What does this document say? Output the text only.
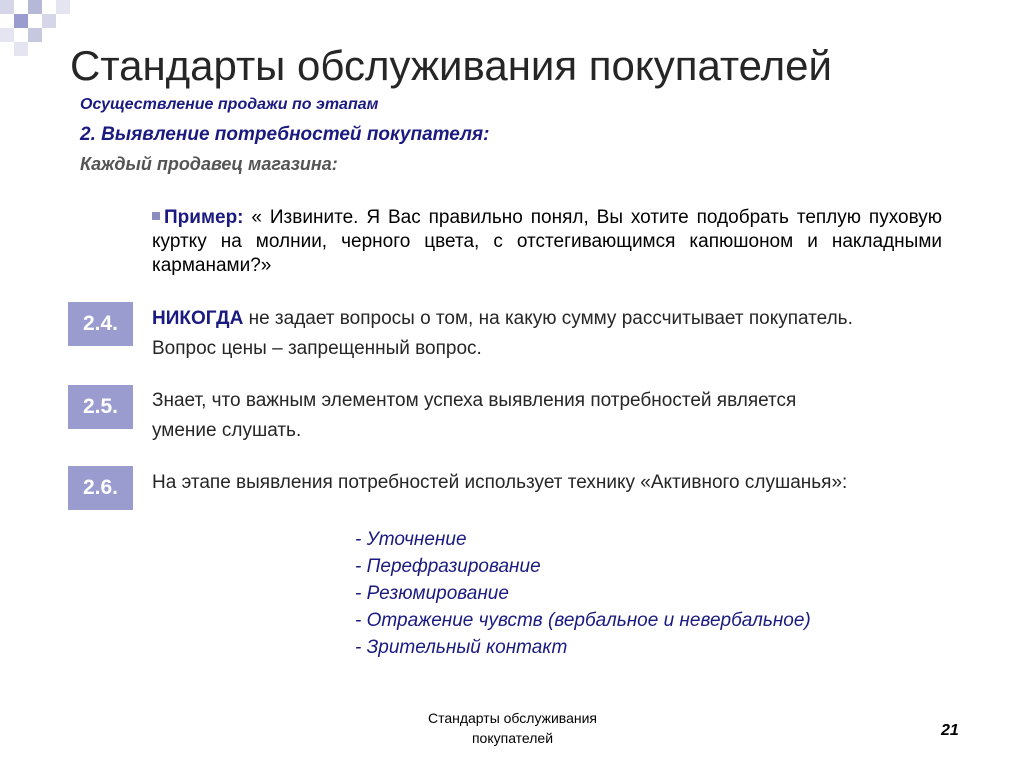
Стандарты обслуживания покупателей
Осуществление продажи по этапам
2. Выявление потребностей покупателя:
Каждый продавец магазина:
Пример: « Извините. Я Вас правильно понял, Вы хотите подобрать теплую пуховую куртку на молнии, черного цвета, с отстегивающимся капюшоном и накладными карманами?»
2.4.	НИКОГДА не задает вопросы о том, на какую сумму рассчитывает покупатель. Вопрос цены – запрещенный вопрос.
2.5.	Знает, что важным элементом успеха выявления потребностей является умение слушать.
2.6.	На этапе выявления потребностей использует технику «Активного слушанья»:
- Уточнение
- Перефразирование
- Резюмирование
- Отражение чувств (вербальное и невербальное)
- Зрительный контакт
Стандарты обслуживания покупателей	21
